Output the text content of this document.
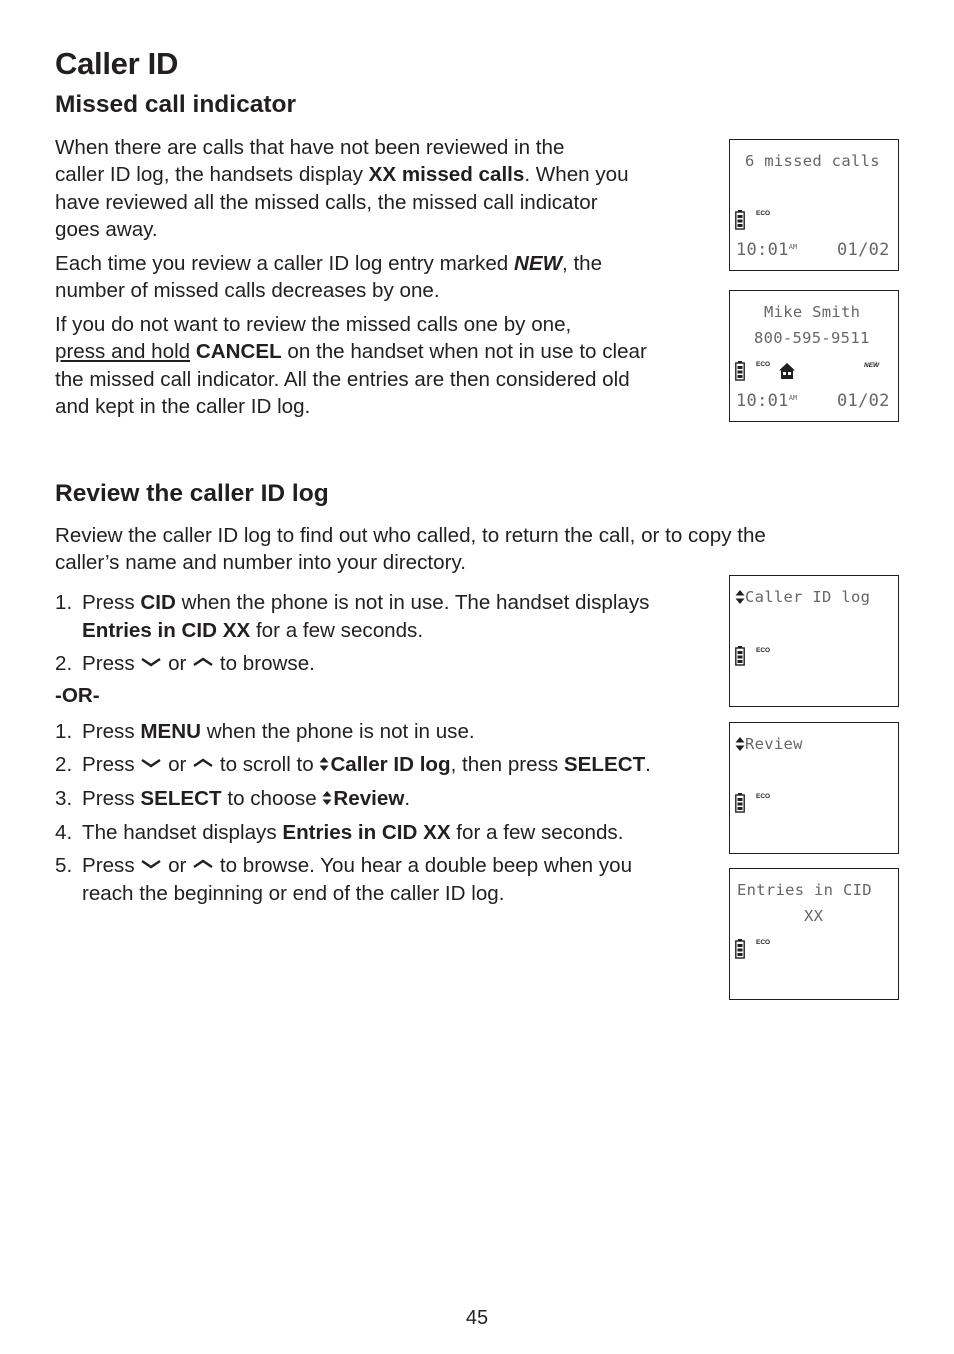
Caller ID
Missed call indicator

When there are calls that have not been reviewed in the
caller ID log, the handsets display XX missed calls. When you
have reviewed all the missed calls, the missed call indicator
goes away.

Each time you review a caller ID log entry marked NEW, the
number of missed calls decreases by one.

If you do not want to review the missed calls one by one,
press and hold CANCEL on the handset when not in use to clear
the missed call indicator. All the entries are then considered old
and kept in the caller ID log.

Review the caller ID log

Review the caller ID log to find out who called, to return the call, or to copy the
caller’s name and number into your directory.

1. Press CID when the phone is not in use. The handset displays
Entries in CID XX for a few seconds.
2. Press  or  to browse.
-OR-
1. Press MENU when the phone is not in use.
2. Press  or  to scroll to Caller ID log, then press SELECT.
3. Press SELECT to choose Review.
4. The handset displays Entries in CID XX for a few seconds.
5. Press  or  to browse. You hear a double beep when you
reach the beginning or end of the caller ID log.
6 missed calls
ECO
$10:01^{AM}$ 01/02
Mike Smith
800-595-9511
ECO	NEW
$10:01^{AM}$ 01/02
Caller ID log
ECO
Review
ECO
Entries in CID
XX
ECO
45
